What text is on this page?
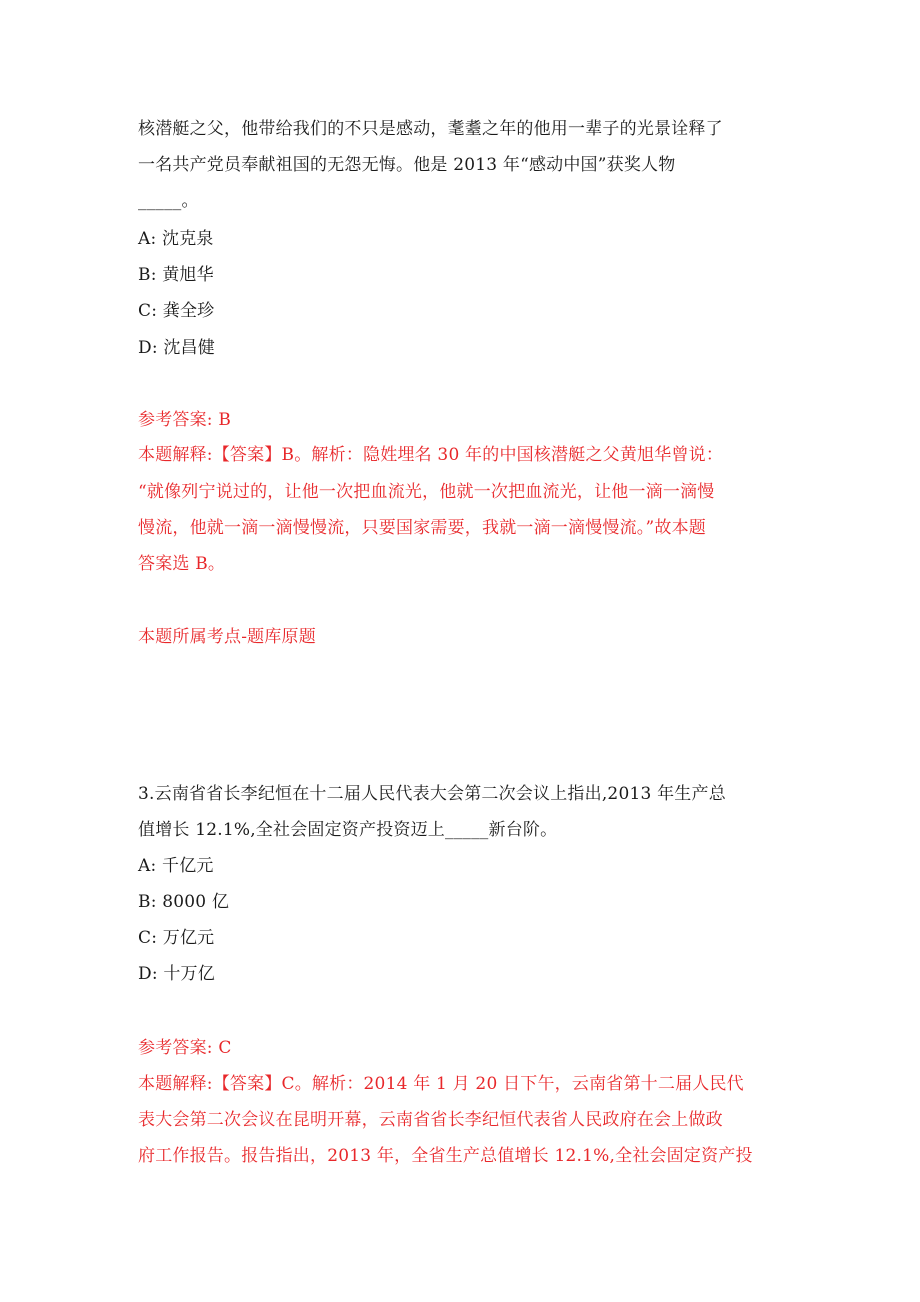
核潜艇之父，他带给我们的不只是感动，耄耋之年的他用一辈子的光景诠释了
一名共产党员奉献祖国的无怨无悔。他是 2013 年“感动中国”获奖人物
_____。
A: 沈克泉
B: 黄旭华
C: 龚全珍
D: 沈昌健
参考答案: B
本题解释:【答案】B。解析：隐姓埋名 30 年的中国核潜艇之父黄旭华曾说：
“就像列宁说过的，让他一次把血流光，他就一次把血流光，让他一滴一滴慢
慢流，他就一滴一滴慢慢流，只要国家需要，我就一滴一滴慢慢流。”故本题
答案选 B。
本题所属考点-题库原题
3.云南省省长李纪恒在十二届人民代表大会第二次会议上指出,2013 年生产总
值增长 12.1%,全社会固定资产投资迈上_____新台阶。
A: 千亿元
B: 8000 亿
C: 万亿元
D: 十万亿
参考答案: C
本题解释:【答案】C。解析：2014 年 1 月 20 日下午，云南省第十二届人民代
表大会第二次会议在昆明开幕，云南省省长李纪恒代表省人民政府在会上做政
府工作报告。报告指出，2013 年，全省生产总值增长 12.1%,全社会固定资产投
